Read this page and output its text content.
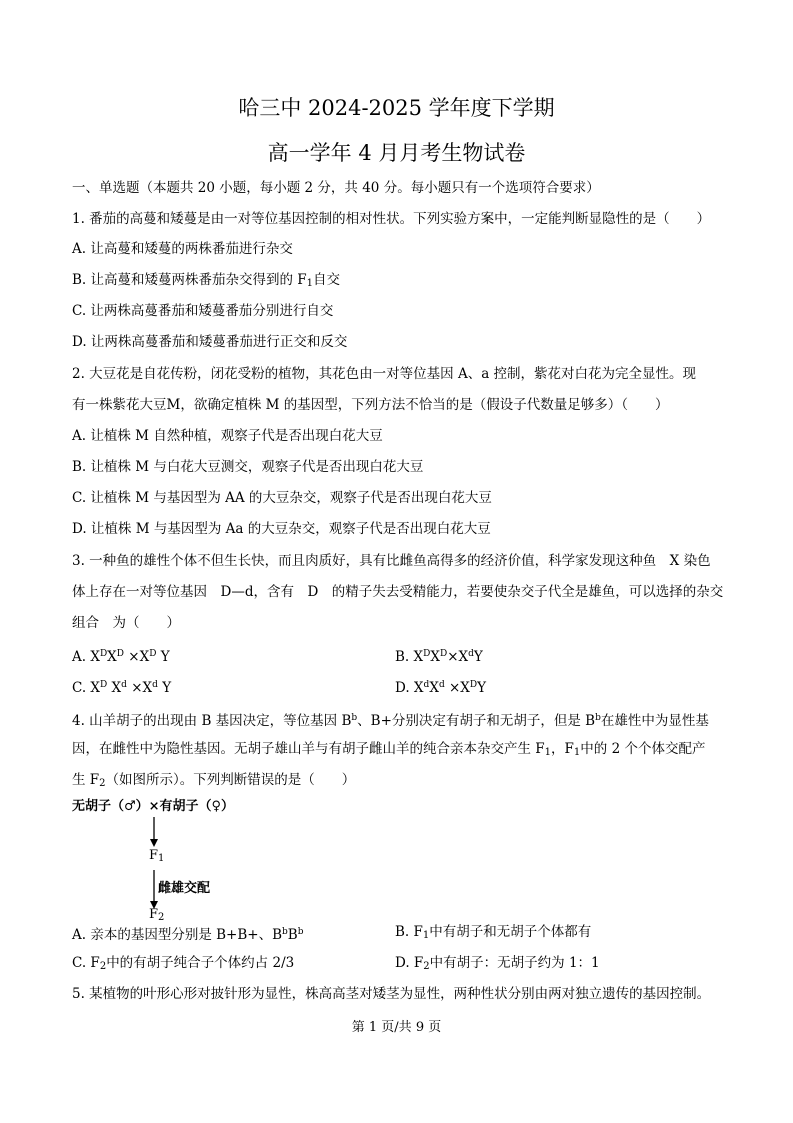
哈三中 2024-2025 学年度下学期
高一学年 4 月月考生物试卷
一、单选题（本题共 20 小题，每小题 2 分，共 40 分。每小题只有一个选项符合要求）
1. 番茄的高蔓和矮蔓是由一对等位基因控制的相对性状。下列实验方案中，一定能判断显隐性的是（　　）
A. 让高蔓和矮蔓的两株番茄进行杂交
B. 让高蔓和矮蔓两株番茄杂交得到的 $F_1$自交
C. 让两株高蔓番茄和矮蔓番茄分别进行自交
D. 让两株高蔓番茄和矮蔓番茄进行正交和反交
2. 大豆花是自花传粉，闭花受粉的植物，其花色由一对等位基因 A、a 控制，紫花对白花为完全显性。现
有一株紫花大豆M，欲确定植株 M 的基因型，下列方法不恰当的是（假设子代数量足够多）（　　）
A. 让植株 M 自然种植，观察子代是否出现白花大豆
B. 让植株 M 与白花大豆测交，观察子代是否出现白花大豆
C. 让植株 M 与基因型为 AA 的大豆杂交，观察子代是否出现白花大豆
D. 让植株 M 与基因型为 Aa 的大豆杂交，观察子代是否出现白花大豆
3. 一种鱼的雄性个体不但生长快，而且肉质好，具有比雌鱼高得多的经济价值，科学家发现这种鱼　X 染色
体上存在一对等位基因　D—d，含有　D　的精子失去受精能力，若要使杂交子代全是雄鱼，可以选择的杂交
组合　为（　　）
A. $X^DX^D \times X^D$ Y	B. $X^DX^D\times X^dY$
C. $X^D$ $X^d \times X^d$ Y	D. $X^dX^d \times X^DY$
4. 山羊胡子的出现由 B 基因决定，等位基因 $B^b$、B+分别决定有胡子和无胡子，但是 $B^b$在雄性中为显性基
因，在雌性中为隐性基因。无胡子雄山羊与有胡子雌山羊的纯合亲本杂交产生 $F_1$，$F_1$中的 2 个个体交配产
生 $F_2$（如图所示）。下列判断错误的是（　　）
无胡子（♂）×有胡子（♀）
$F_1$
雌雄交配
$F_2$
A. 亲本的基因型分别是 B+B+、$B^bB^b$	B. $F_1$中有胡子和无胡子个体都有
C. $F_2$中的有胡子纯合子个体约占 2/3	D. $F_2$中有胡子：无胡子约为 1：1
5. 某植物的叶形心形对披针形为显性，株高高茎对矮茎为显性，两种性状分别由两对独立遗传的基因控制。
第 1 页/共 9 页
